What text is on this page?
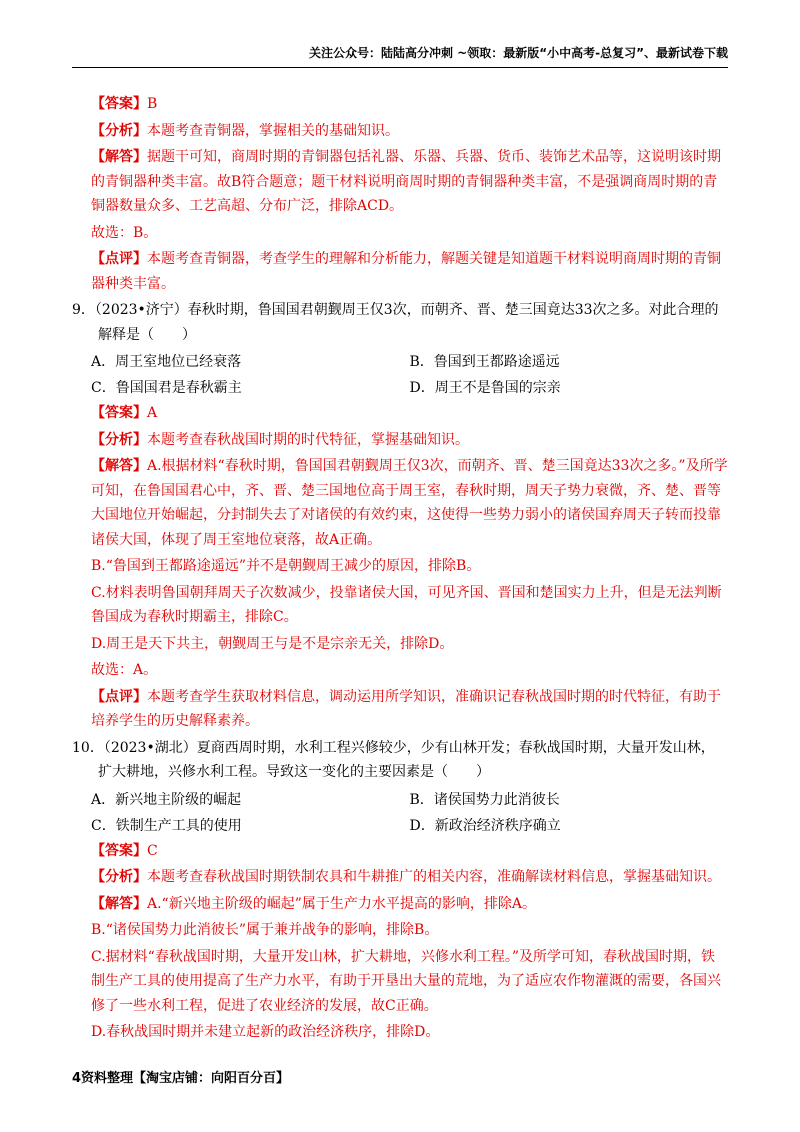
关注公众号：陆陆高分冲刺 ~领取：最新版“小中高考-总复习”、最新试卷下载
【答案】B
【分析】本题考查青铜器，掌握相关的基础知识。
【解答】据题干可知，商周时期的青铜器包括礼器、乐器、兵器、货币、装饰艺术品等，这说明该时期的青铜器种类丰富。故B符合题意；题干材料说明商周时期的青铜器种类丰富，不是强调商周时期的青铜器数量众多、工艺高超、分布广泛，排除ACD。
故选：B。
【点评】本题考查青铜器，考查学生的理解和分析能力，解题关键是知道题干材料说明商周时期的青铜器种类丰富。
9．（2023•济宁）春秋时期，鲁国国君朝觐周王仅3次，而朝齐、晋、楚三国竟达33次之多。对此合理的解释是（　　）
A．周王室地位已经衰落	B．鲁国到王都路途遥远
C．鲁国国君是春秋霸主	D．周王不是鲁国的宗亲
【答案】A
【分析】本题考查春秋战国时期的时代特征，掌握基础知识。
【解答】A.根据材料“春秋时期，鲁国国君朝觐周王仅3次，而朝齐、晋、楚三国竟达33次之多。”及所学可知，在鲁国国君心中，齐、晋、楚三国地位高于周王室，春秋时期，周天子势力衰微，齐、楚、晋等大国地位开始崛起，分封制失去了对诸侯的有效约束，这使得一些势力弱小的诸侯国弃周天子转而投靠诸侯大国，体现了周王室地位衰落，故A正确。
B.“鲁国到王都路途遥远”并不是朝觐周王减少的原因，排除B。
C.材料表明鲁国朝拜周天子次数减少，投靠诸侯大国，可见齐国、晋国和楚国实力上升，但是无法判断鲁国成为春秋时期霸主，排除C。
D.周王是天下共主，朝觐周王与是不是宗亲无关，排除D。
故选：A。
【点评】本题考查学生获取材料信息，调动运用所学知识，准确识记春秋战国时期的时代特征，有助于培养学生的历史解释素养。
10．（2023•湖北）夏商西周时期，水利工程兴修较少，少有山林开发；春秋战国时期，大量开发山林，扩大耕地，兴修水利工程。导致这一变化的主要因素是（　　）
A．新兴地主阶级的崛起	B．诸侯国势力此消彼长
C．铁制生产工具的使用	D．新政治经济秩序确立
【答案】C
【分析】本题考查春秋战国时期铁制农具和牛耕推广的相关内容，准确解读材料信息，掌握基础知识。
【解答】A.“新兴地主阶级的崛起”属于生产力水平提高的影响，排除A。
B.“诸侯国势力此消彼长”属于兼并战争的影响，排除B。
C.据材料“春秋战国时期，大量开发山林，扩大耕地，兴修水利工程。”及所学可知，春秋战国时期，铁制生产工具的使用提高了生产力水平，有助于开垦出大量的荒地，为了适应农作物灌溉的需要，各国兴修了一些水利工程，促进了农业经济的发展，故C正确。
D.春秋战国时期并未建立起新的政治经济秩序，排除D。
4资料整理【淘宝店铺：向阳百分百】
